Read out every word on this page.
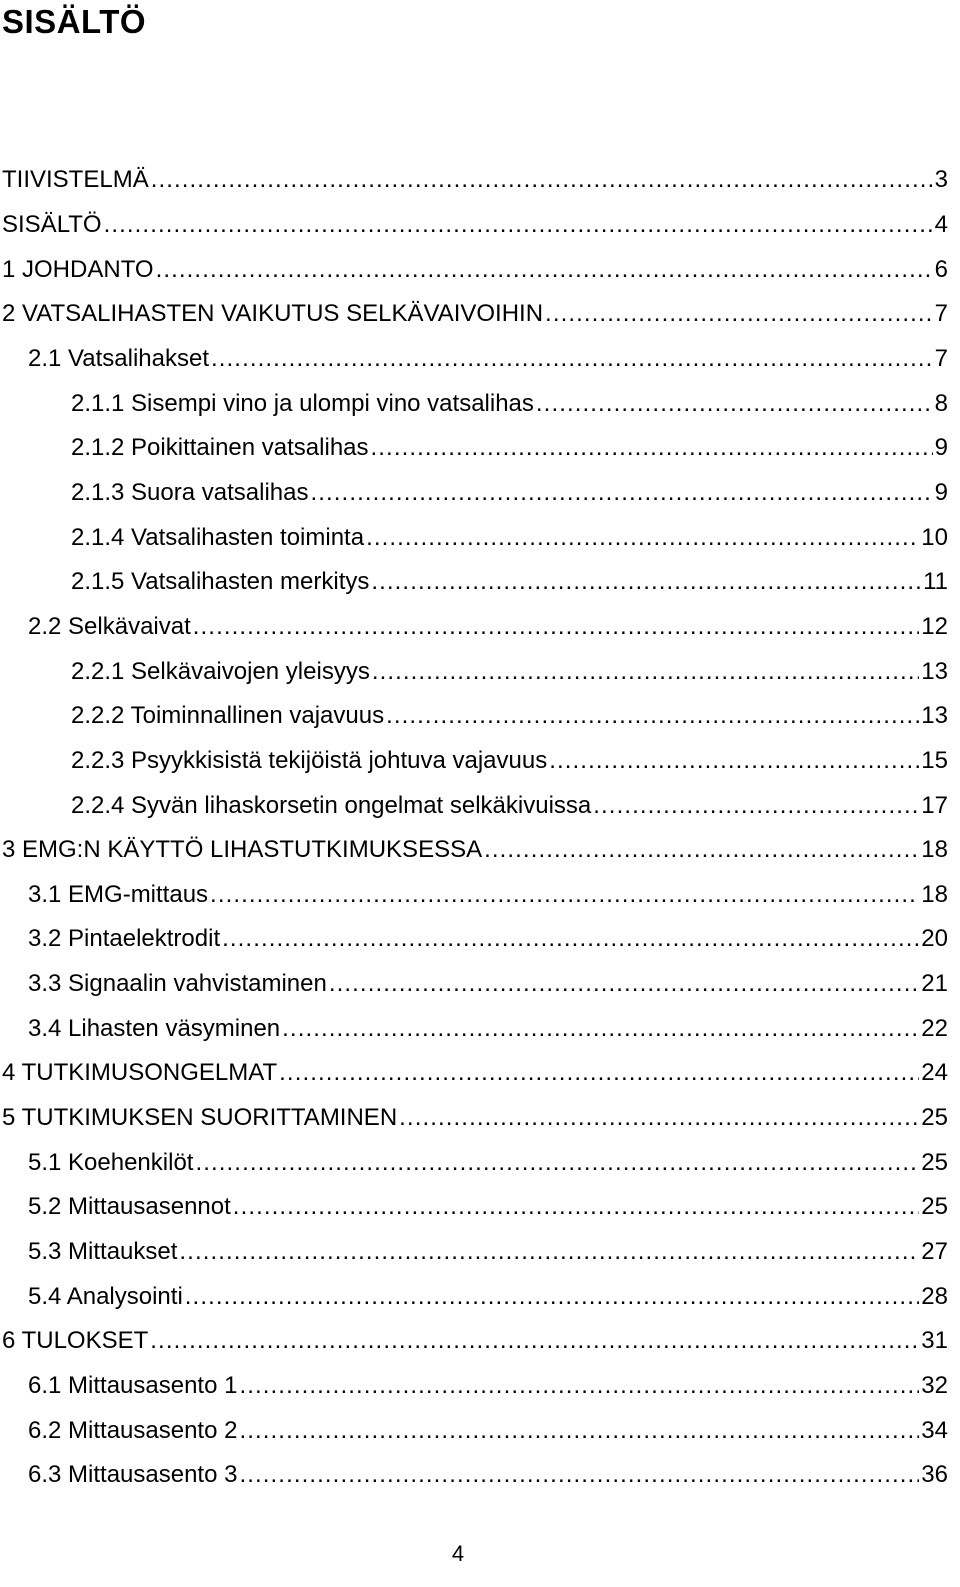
SISÄLTÖ
TIIVISTELMÄ .....	3
SISÄLTÖ .....	4
1 JOHDANTO .....	6
2 VATSALIHASTEN VAIKUTUS SELKÄVAIVOIHIN .....	7
2.1 Vatsalihakset .....	7
2.1.1 Sisempi vino ja ulompi vino vatsalihas .....	8
2.1.2 Poikittainen vatsalihas .....	9
2.1.3 Suora vatsalihas .....	9
2.1.4 Vatsalihasten toiminta .....	10
2.1.5 Vatsalihasten merkitys .....	11
2.2 Selkävaivat .....	12
2.2.1 Selkävaivojen yleisyys .....	13
2.2.2 Toiminnallinen vajavuus .....	13
2.2.3 Psyykkisistä tekijöistä johtuva vajavuus .....	15
2.2.4 Syvän lihaskorsetin ongelmat selkäkivuissa .....	17
3 EMG:N KÄYTTÖ LIHASTUTKIMUKSESSA .....	18
3.1 EMG-mittaus .....	18
3.2 Pintaelektrodit .....	20
3.3 Signaalin vahvistaminen .....	21
3.4 Lihasten väsyminen .....	22
4 TUTKIMUSONGELMAT .....	24
5 TUTKIMUKSEN SUORITTAMINEN .....	25
5.1 Koehenkilöt .....	25
5.2 Mittausasennot .....	25
5.3 Mittaukset .....	27
5.4 Analysointi .....	28
6 TULOKSET .....	31
6.1 Mittausasento 1 .....	32
6.2 Mittausasento 2 .....	34
6.3 Mittausasento 3 .....	36
4
